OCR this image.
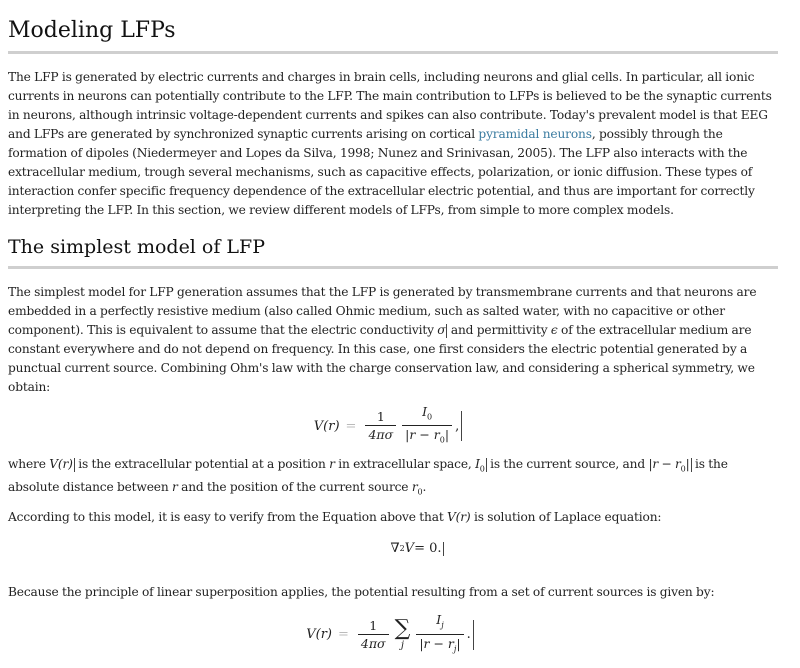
Modeling LFPs

The LFP is generated by electric currents and charges in brain cells, including neurons and glial cells. In particular, all ionic currents in neurons can potentially contribute to the LFP. The main contribution to LFPs is believed to be the synaptic currents in neurons, although intrinsic voltage-dependent currents and spikes can also contribute. Today's prevalent model is that EEG and LFPs are generated by synchronized synaptic currents arising on cortical pyramidal neurons, possibly through the formation of dipoles (Niedermeyer and Lopes da Silva, 1998; Nunez and Srinivasan, 2005). The LFP also interacts with the extracellular medium, trough several mechanisms, such as capacitive effects, polarization, or ionic diffusion. These types of interaction confer specific frequency dependence of the extracellular electric potential, and thus are important for correctly interpreting the LFP. In this section, we review different models of LFPs, from simple to more complex models.

The simplest model of LFP

The simplest model for LFP generation assumes that the LFP is generated by transmembrane currents and that neurons are embedded in a perfectly resistive medium (also called Ohmic medium, such as salted water, with no capacitive or other component). This is equivalent to assume that the electric conductivity σ and permittivity ϵ of the extracellular medium are constant everywhere and do not depend on frequency. In this case, one first considers the electric potential generated by a punctual current source. Combining Ohm's law with the charge conservation law, and considering a spherical symmetry, we obtain:

$V(r) = \frac{1}{4\pi\sigma} \frac{I_0}{|r - r_0|}$ ,

where V(r) is the extracellular potential at a position r in extracellular space, $I_0$ is the current source, and $|r - r_0|$ is the absolute distance between r and the position of the current source $r_0$.

According to this model, it is easy to verify from the Equation above that V(r) is solution of Laplace equation:

∇ 2 V = 0 .

Because the principle of linear superposition applies, the potential resulting from a set of current sources is given by:

$V(r) = \frac{1}{4\pi\sigma}$ ∑
j $\frac{I_j}{|r - r_j|}$ .
